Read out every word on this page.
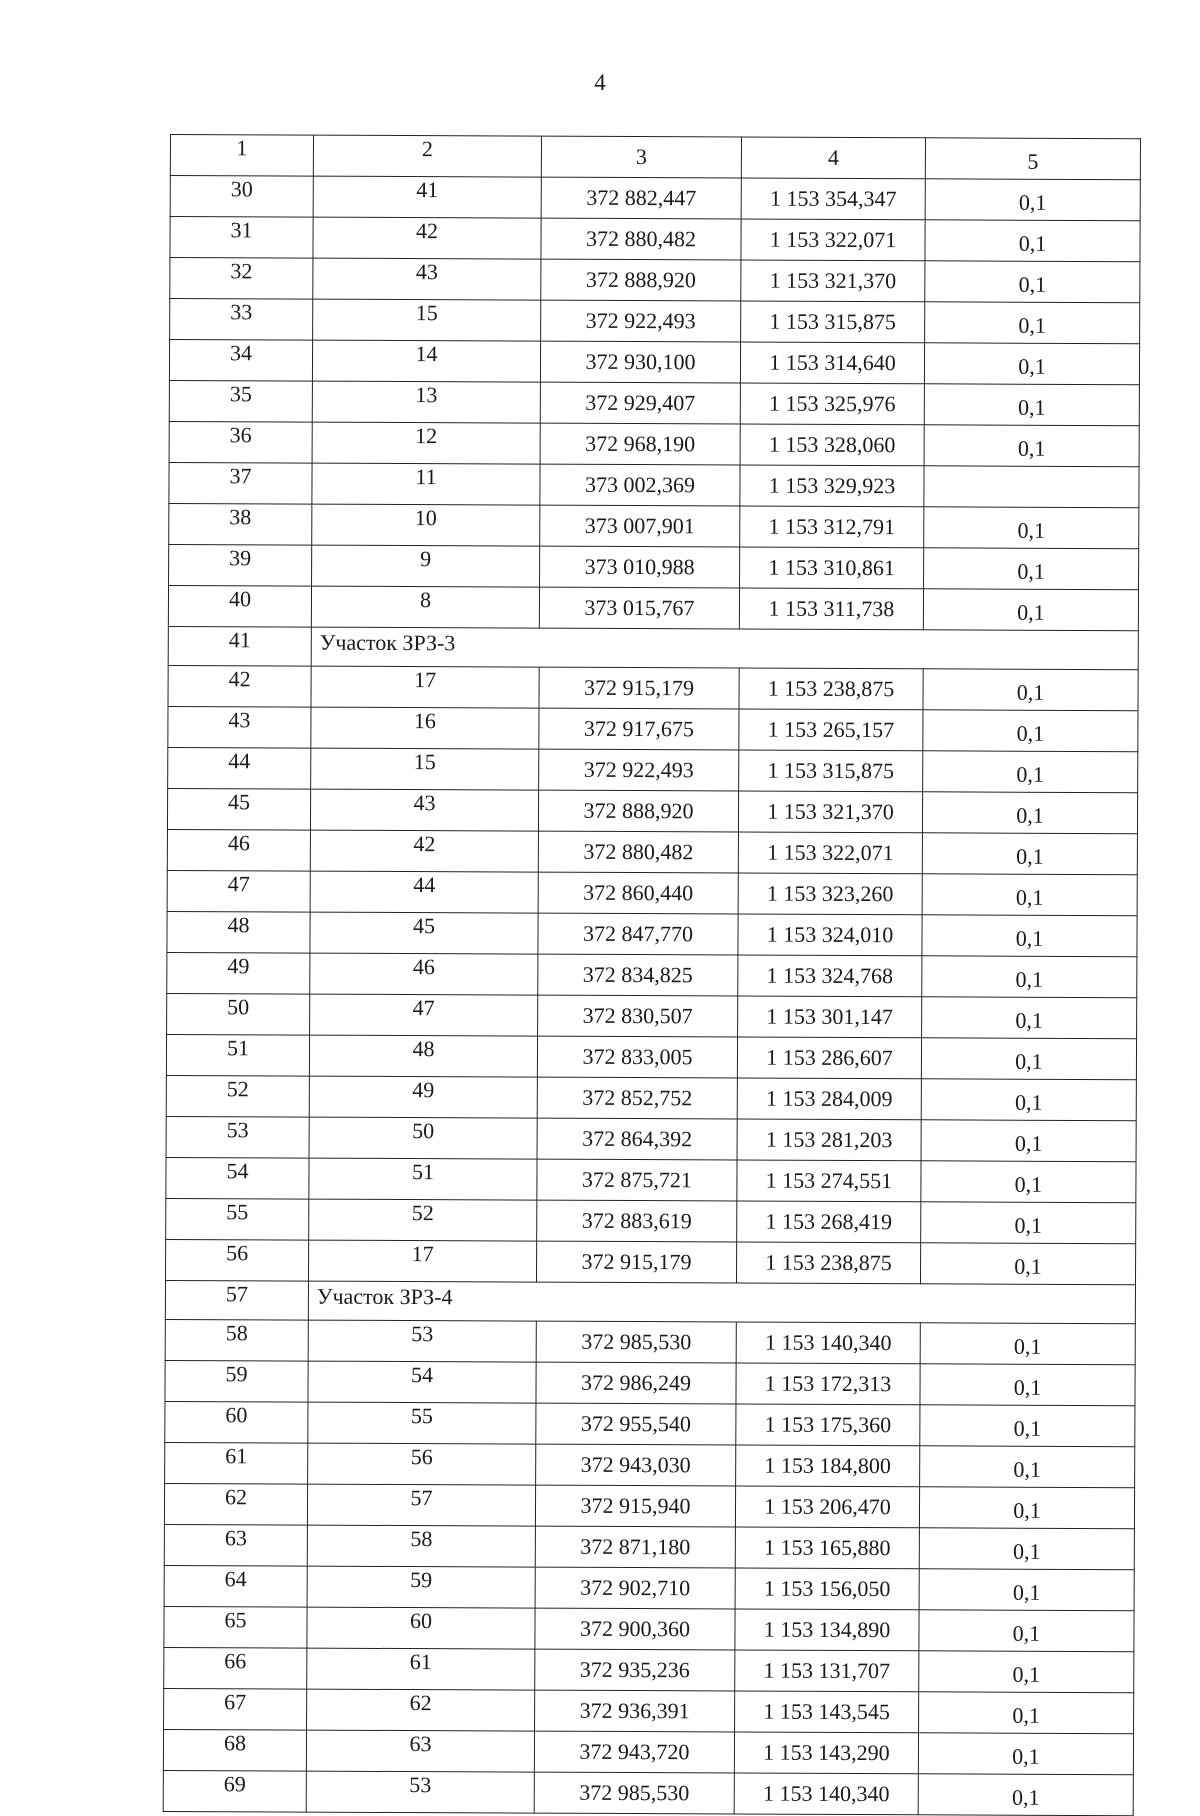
4
1	2	3	4	5
30	41	372 882,447	1 153 354,347	0,1
31	42	372 880,482	1 153 322,071	0,1
32	43	372 888,920	1 153 321,370	0,1
33	15	372 922,493	1 153 315,875	0,1
34	14	372 930,100	1 153 314,640	0,1
35	13	372 929,407	1 153 325,976	0,1
36	12	372 968,190	1 153 328,060	0,1
37	11	373 002,369	1 153 329,923	
38	10	373 007,901	1 153 312,791	0,1
39	9	373 010,988	1 153 310,861	0,1
40	8	373 015,767	1 153 311,738	0,1
41	Участок ЗРЗ-3			
42	17	372 915,179	1 153 238,875	0,1
43	16	372 917,675	1 153 265,157	0,1
44	15	372 922,493	1 153 315,875	0,1
45	43	372 888,920	1 153 321,370	0,1
46	42	372 880,482	1 153 322,071	0,1
47	44	372 860,440	1 153 323,260	0,1
48	45	372 847,770	1 153 324,010	0,1
49	46	372 834,825	1 153 324,768	0,1
50	47	372 830,507	1 153 301,147	0,1
51	48	372 833,005	1 153 286,607	0,1
52	49	372 852,752	1 153 284,009	0,1
53	50	372 864,392	1 153 281,203	0,1
54	51	372 875,721	1 153 274,551	0,1
55	52	372 883,619	1 153 268,419	0,1
56	17	372 915,179	1 153 238,875	0,1
57	Участок ЗРЗ-4			
58	53	372 985,530	1 153 140,340	0,1
59	54	372 986,249	1 153 172,313	0,1
60	55	372 955,540	1 153 175,360	0,1
61	56	372 943,030	1 153 184,800	0,1
62	57	372 915,940	1 153 206,470	0,1
63	58	372 871,180	1 153 165,880	0,1
64	59	372 902,710	1 153 156,050	0,1
65	60	372 900,360	1 153 134,890	0,1
66	61	372 935,236	1 153 131,707	0,1
67	62	372 936,391	1 153 143,545	0,1
68	63	372 943,720	1 153 143,290	0,1
69	53	372 985,530	1 153 140,340	0,1
